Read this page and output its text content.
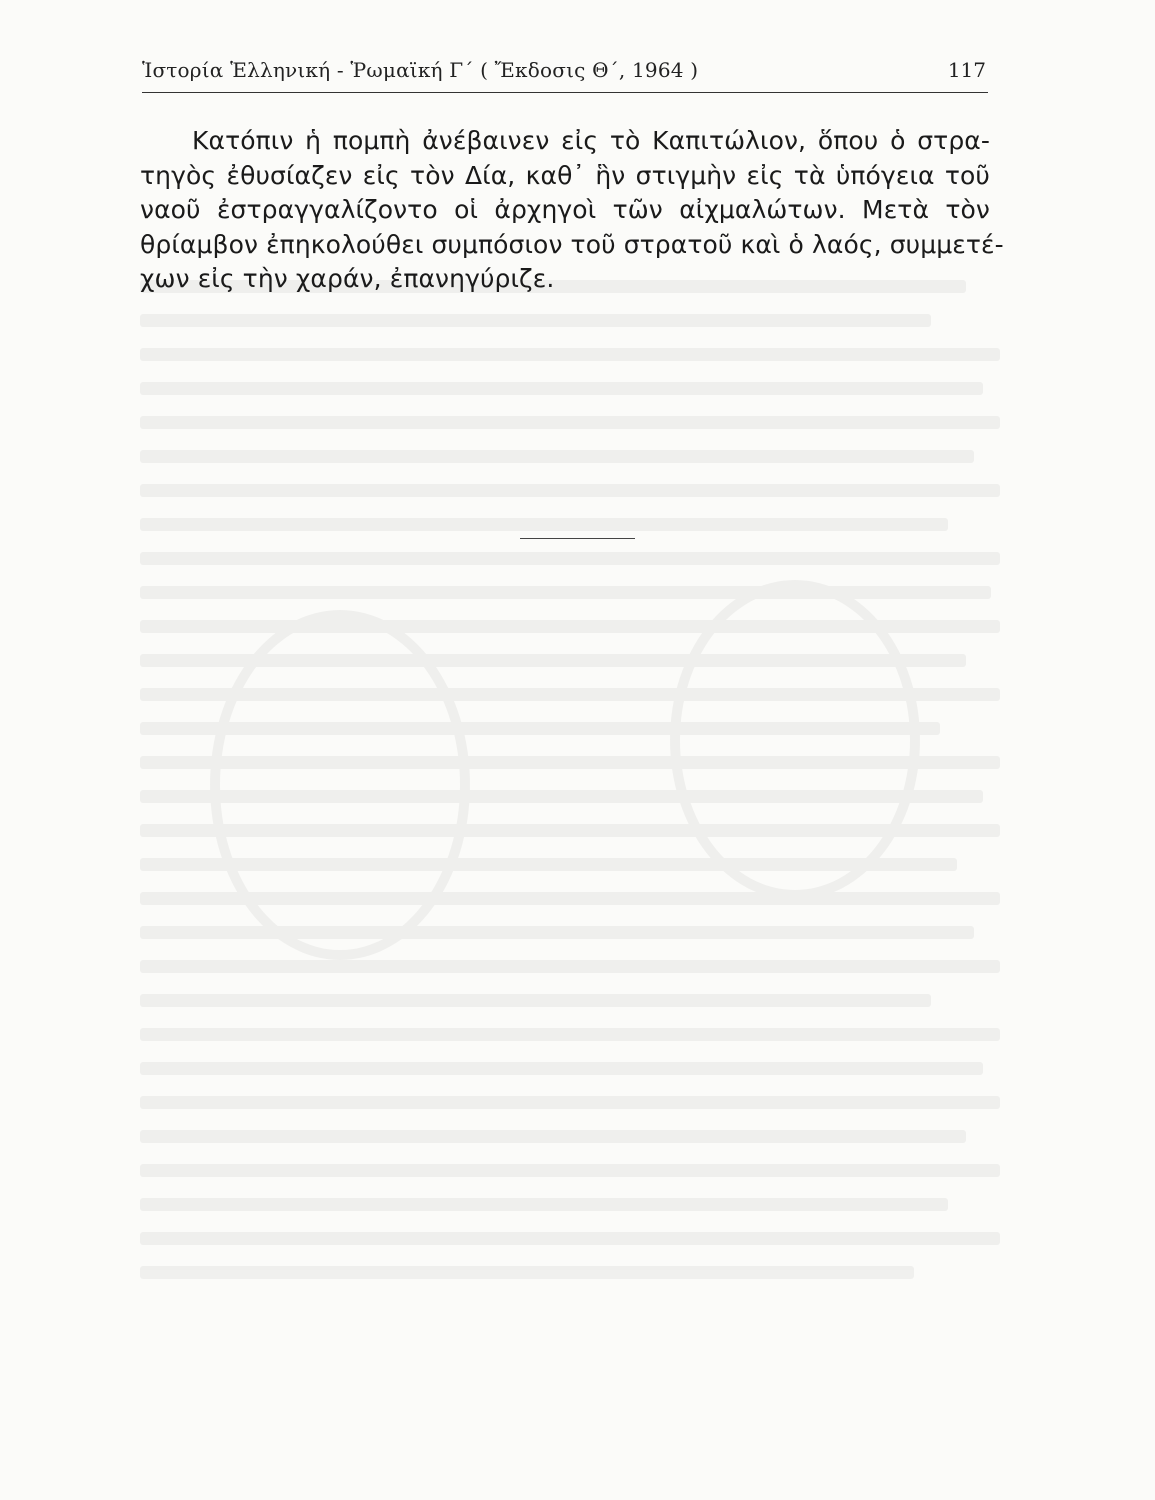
Ἱστορία Ἑλληνική - Ῥωμαϊκή Γ΄ ( Ἔκδοσις Θ΄, 1964 )	117
Κατόπιν ἡ πομπὴ ἀνέβαινεν εἰς τὸ Καπιτώλιον, ὅπου ὁ στρα-
τηγὸς ἐθυσίαζεν εἰς τὸν Δία, καθ᾿ ἣν στιγμὴν εἰς τὰ ὑπόγεια τοῦ
ναοῦ ἐστραγγαλίζοντο οἱ ἀρχηγοὶ τῶν αἰχμαλώτων. Μετὰ τὸν
θρίαμβον ἐπηκολούθει συμπόσιον τοῦ στρατοῦ καὶ ὁ λαός, συμμετέ-
χων εἰς τὴν χαράν, ἐπανηγύριζε.
